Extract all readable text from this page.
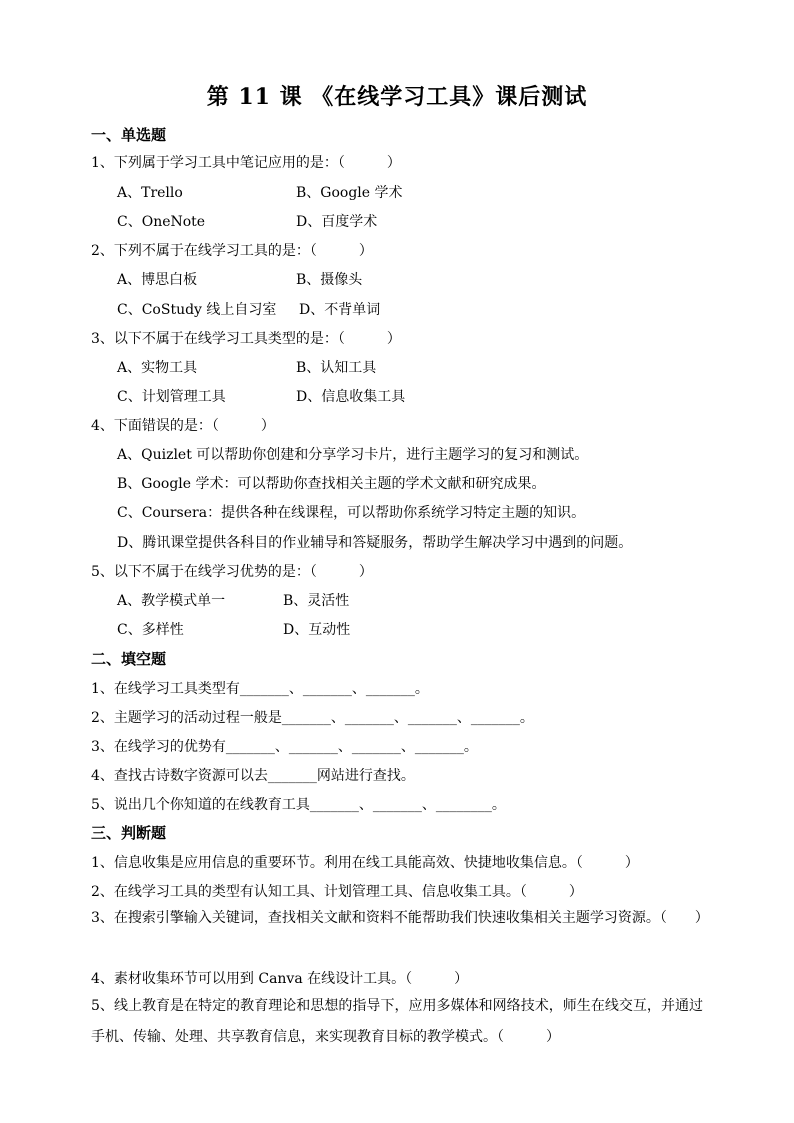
第 11 课 《在线学习工具》课后测试
一、单选题
1、下列属于学习工具中笔记应用的是：（　　　）
A、Trello	B、Google 学术
C、OneNote	D、百度学术
2、下列不属于在线学习工具的是：（　　　）
A、博思白板	B、摄像头
C、CoStudy 线上自习室 D、不背单词
3、以下不属于在线学习工具类型的是：（　　　）
A、实物工具	B、认知工具
C、计划管理工具	D、信息收集工具
4、下面错误的是：（　　　）
A、Quizlet 可以帮助你创建和分享学习卡片，进行主题学习的复习和测试。
B、Google 学术：可以帮助你查找相关主题的学术文献和研究成果。
C、Coursera：提供各种在线课程，可以帮助你系统学习特定主题的知识。
D、腾讯课堂提供各科目的作业辅导和答疑服务，帮助学生解决学习中遇到的问题。
5、以下不属于在线学习优势的是：（　　　）
A、教学模式单一	B、灵活性
C、多样性	D、互动性
二、填空题
1、在线学习工具类型有_______、_______、_______。
2、主题学习的活动过程一般是_______、_______、_______、_______。
3、在线学习的优势有_______、_______、_______、_______。
4、查找古诗数字资源可以去_______网站进行查找。
5、说出几个你知道的在线教育工具_______、_______、________。
三、判断题
1、信息收集是应用信息的重要环节。利用在线工具能高效、快捷地收集信息。（　　　）
2、在线学习工具的类型有认知工具、计划管理工具、信息收集工具。（　　　）
3、在搜索引擎输入关键词，查找相关文献和资料不能帮助我们快速收集相关主题学习资源。（　　）
4、素材收集环节可以用到 Canva 在线设计工具。（　　　）
5、线上教育是在特定的教育理论和思想的指导下，应用多媒体和网络技术，师生在线交互，并通过手机、传输、处理、共享教育信息，来实现教育目标的教学模式。（　　　）
